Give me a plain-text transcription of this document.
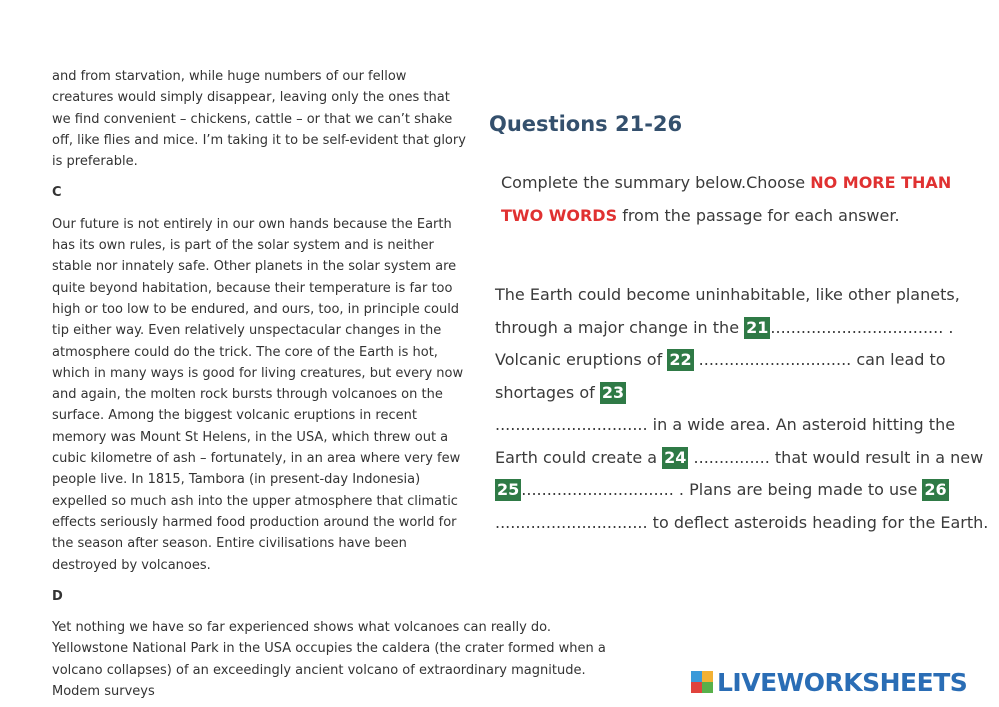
and from starvation, while huge numbers of our fellow creatures would simply disappear, leaving only the ones that we find convenient – chickens, cattle – or that we can’t shake off, like flies and mice. I’m taking it to be self-evident that glory is preferable.

C

Our future is not entirely in our own hands because the Earth has its own rules, is part of the solar system and is neither stable nor innately safe. Other planets in the solar system are quite beyond habitation, because their temperature is far too high or too low to be endured, and ours, too, in principle could tip either way. Even relatively unspectacular changes in the atmosphere could do the trick. The core of the Earth is hot, which in many ways is good for living creatures, but every now and again, the molten rock bursts through volcanoes on the surface. Among the biggest volcanic eruptions in recent memory was Mount St Helens, in the USA, which threw out a cubic kilometre of ash – fortunately, in an area where very few people live. In 1815, Tambora (in present-day Indonesia) expelled so much ash into the upper atmosphere that climatic effects seriously harmed food production around the world for the season after season. Entire civilisations have been destroyed by volcanoes.

D

Yet nothing we have so far experienced shows what volcanoes can really do. Yellowstone National Park in the USA occupies the caldera (the crater formed when a volcano collapses) of an exceedingly ancient volcano of extraordinary magnitude. Modem surveys

Questions 21-26
Complete the summary below.Choose NO MORE THAN TWO WORDS from the passage for each answer.
The Earth could become uninhabitable, like other planets, through a major change in the 21 .................................. . Volcanic eruptions of 22 .............................. can lead to shortages of 23
.............................. in a wide area. An asteroid hitting the Earth could create a 24 ............... that would result in a new
25 .............................. . Plans are being made to use 26
.............................. to deflect asteroids heading for the Earth.
LIVEWORKSHEETS
